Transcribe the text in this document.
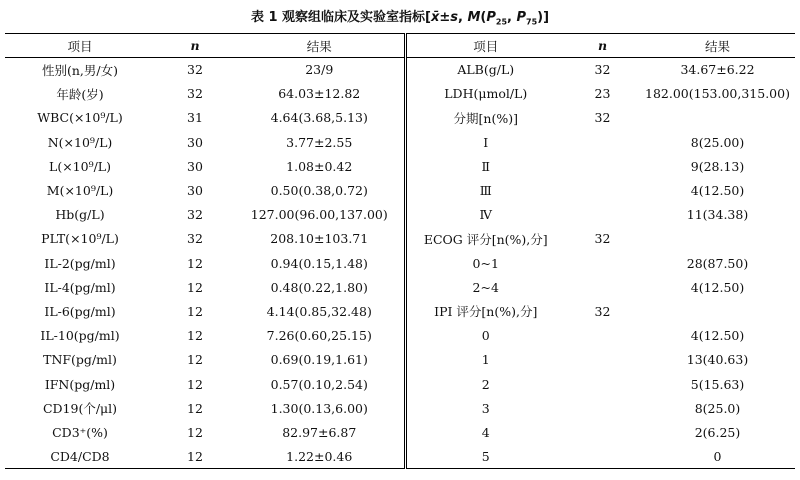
表 1 观察组临床及实验室指标[x̄±s, $M(P_{25}$, $P_{75}$)]
项目	n	结果	项目	n	结果
性别(n,男/女)	32	23/9	ALB(g/L)	32	34.67±6.22
年龄(岁)	32	64.03±12.82	LDH(μmol/L)	23	182.00(153.00,315.00)
WBC(×10⁹/L)	31	4.64(3.68,5.13)	分期[n(%)]	32	
N(×10⁹/L)	30	3.77±2.55	Ⅰ		8(25.00)
L(×10⁹/L)	30	1.08±0.42	Ⅱ		9(28.13)
M(×10⁹/L)	30	0.50(0.38,0.72)	Ⅲ		4(12.50)
Hb(g/L)	32	127.00(96.00,137.00)	Ⅳ		11(34.38)
PLT(×10⁹/L)	32	208.10±103.71	ECOG 评分[n(%),分]	32	
IL-2(pg/ml)	12	0.94(0.15,1.48)	0~1		28(87.50)
IL-4(pg/ml)	12	0.48(0.22,1.80)	2~4		4(12.50)
IL-6(pg/ml)	12	4.14(0.85,32.48)	IPI 评分[n(%),分]	32	
IL-10(pg/ml)	12	7.26(0.60,25.15)	0		4(12.50)
TNF(pg/ml)	12	0.69(0.19,1.61)	1		13(40.63)
IFN(pg/ml)	12	0.57(0.10,2.54)	2		5(15.63)
CD19(个/μl)	12	1.30(0.13,6.00)	3		8(25.0)
CD3⁺(%)	12	82.97±6.87	4		2(6.25)
CD4/CD8	12	1.22±0.46	5		0
